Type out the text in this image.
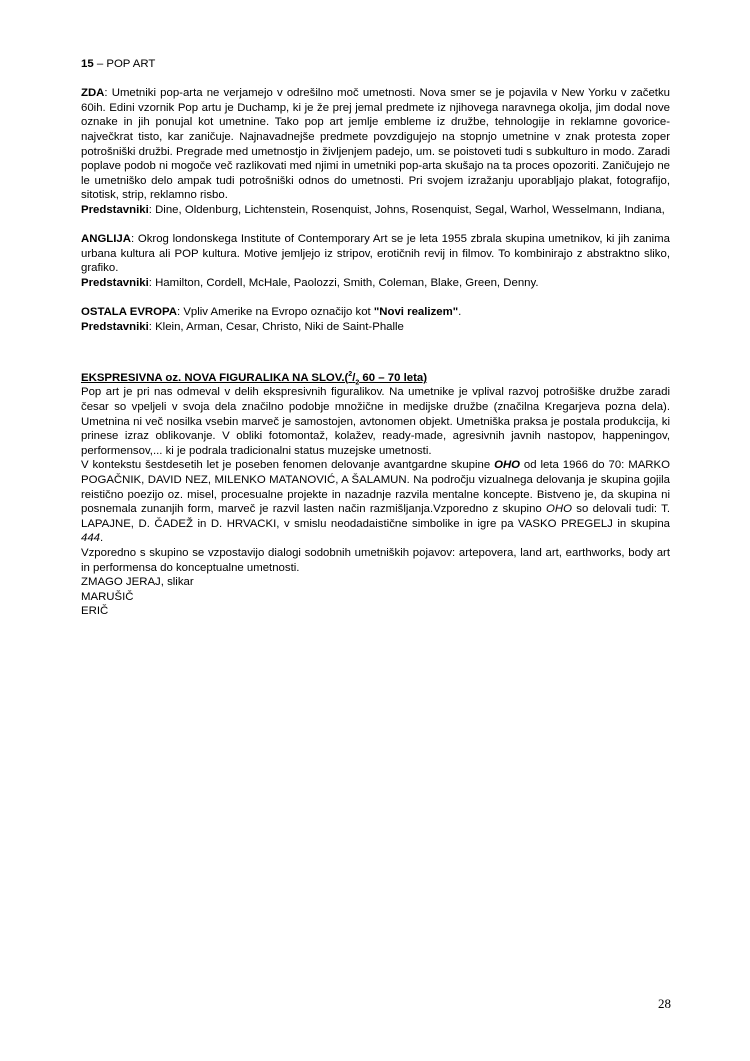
15 – POP ART

ZDA: Umetniki pop-arta ne verjamejo v odrešilno moč umetnosti. Nova smer se je pojavila v New Yorku v začetku 60ih. Edini vzornik Pop artu je Duchamp, ki je že prej jemal predmete iz njihovega naravnega okolja, jim dodal nove oznake in jih ponujal kot umetnine. Tako pop art jemlje embleme iz družbe, tehnologije in reklamne govorice-največkrat tisto, kar zaničuje. Najnavadnejše predmete povzdigujejo na stopnjo umetnine v znak protesta zoper potrošniški družbi. Pregrade med umetnostjo in življenjem padejo, um. se poistoveti tudi s subkulturo in modo. Zaradi poplave podob ni mogoče več razlikovati med njimi in umetniki pop-arta skušajo na ta proces opozoriti. Zaničujejo ne le umetniško delo ampak tudi potrošniški odnos do umetnosti. Pri svojem izražanju uporabljajo plakat, fotografijo, sitotisk, strip, reklamno risbo.
Predstavniki: Dine, Oldenburg, Lichtenstein, Rosenquist, Johns, Rosenquist, Segal, Warhol, Wesselmann, Indiana,

ANGLIJA: Okrog londonskega Institute of Contemporary Art se je leta 1955 zbrala skupina umetnikov, ki jih zanima urbana kultura ali POP kultura. Motive jemljejo iz stripov, erotičnih revij in filmov. To kombinirajo z abstraktno sliko, grafiko.
Predstavniki: Hamilton, Cordell, McHale, Paolozzi, Smith, Coleman, Blake, Green, Denny.

OSTALA EVROPA: Vpliv Amerike na Evropo označijo kot "Novi realizem".
Predstavniki: Klein, Arman, Cesar, Christo, Niki de Saint-Phalle

EKSPRESIVNA oz. NOVA FIGURALIKA NA $SLOV.(^2/_2$ 60 – 70 leta)

Pop art je pri nas odmeval v delih ekspresivnih figuralikov. Na umetnike je vplival razvoj potrošiške družbe zaradi česar so vpeljeli v svoja dela značilno podobje množične in medijske družbe (značilna Kregarjeva pozna dela). Umetnina ni več nosilka vsebin marveč je samostojen, avtonomen objekt. Umetniška praksa je postala produkcija, ki prinese izraz oblikovanje. V obliki fotomontaž, kolažev, ready-made, agresivnih javnih nastopov, happeningov, performensov,... ki je podrala tradicionalni status muzejske umetnosti.

V kontekstu šestdesetih let je poseben fenomen delovanje avantgardne skupine OHO od leta 1966 do 70: MARKO POGAČNIK, DAVID NEZ, MILENKO MATANOVIĆ, A ŠALAMUN. Na področju vizualnega delovanja je skupina gojila reistično poezijo oz. misel, procesualne projekte in nazadnje razvila mentalne koncepte. Bistveno je, da skupina ni posnemala zunanjih form, marveč je razvil lasten način razmišljanja.Vzporedno z skupino OHO so delovali tudi: T. LAPAJNE, D. ČADEŽ in D. HRVACKI, v smislu neodadaistične simbolike in igre pa VASKO PREGELJ in skupina 444.

Vzporedno s skupino se vzpostavijo dialogi sodobnih umetniških pojavov: artepovera, land art, earthworks, body art in performensa do konceptualne umetnosti.

ZMAGO JERAJ, slikar

MARUŠIČ

ERIČ

28
